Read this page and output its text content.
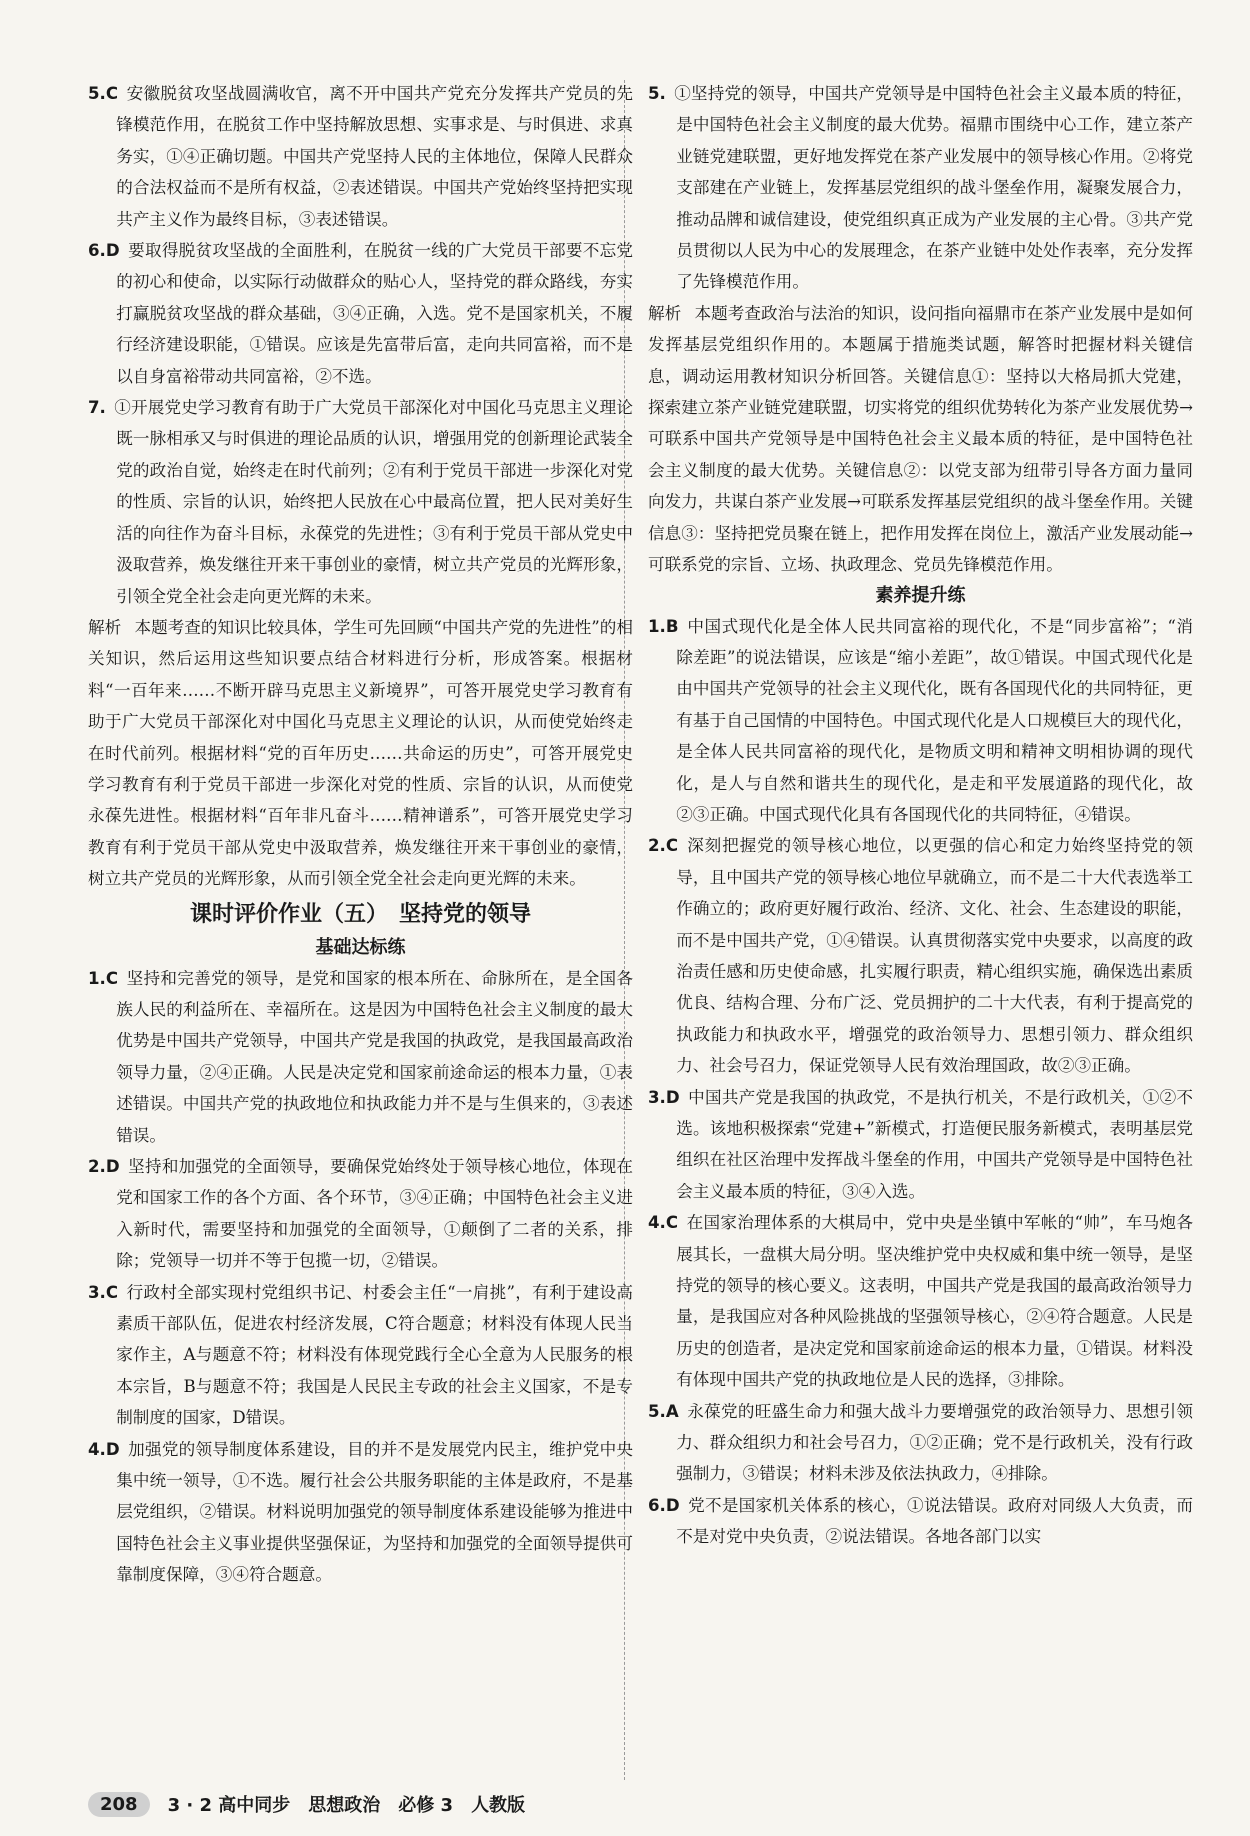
5.C  安徽脱贫攻坚战圆满收官，离不开中国共产党充分发挥共产党员的先锋模范作用，在脱贫工作中坚持解放思想、实事求是、与时俱进、求真务实，①④正确切题。中国共产党坚持人民的主体地位，保障人民群众的合法权益而不是所有权益，②表述错误。中国共产党始终坚持把实现共产主义作为最终目标，③表述错误。

6.D  要取得脱贫攻坚战的全面胜利，在脱贫一线的广大党员干部要不忘党的初心和使命，以实际行动做群众的贴心人，坚持党的群众路线，夯实打赢脱贫攻坚战的群众基础，③④正确，入选。党不是国家机关，不履行经济建设职能，①错误。应该是先富带后富，走向共同富裕，而不是以自身富裕带动共同富裕，②不选。

7.  ①开展党史学习教育有助于广大党员干部深化对中国化马克思主义理论既一脉相承又与时俱进的理论品质的认识，增强用党的创新理论武装全党的政治自觉，始终走在时代前列；②有利于党员干部进一步深化对党的性质、宗旨的认识，始终把人民放在心中最高位置，把人民对美好生活的向往作为奋斗目标，永葆党的先进性；③有利于党员干部从党史中汲取营养，焕发继往开来干事创业的豪情，树立共产党员的光辉形象，引领全党全社会走向更光辉的未来。

解析 本题考查的知识比较具体，学生可先回顾“中国共产党的先进性”的相关知识，然后运用这些知识要点结合材料进行分析，形成答案。根据材料“一百年来……不断开辟马克思主义新境界”，可答开展党史学习教育有助于广大党员干部深化对中国化马克思主义理论的认识，从而使党始终走在时代前列。根据材料“党的百年历史……共命运的历史”，可答开展党史学习教育有利于党员干部进一步深化对党的性质、宗旨的认识，从而使党永葆先进性。根据材料“百年非凡奋斗……精神谱系”，可答开展党史学习教育有利于党员干部从党史中汲取营养，焕发继往开来干事创业的豪情，树立共产党员的光辉形象，从而引领全党全社会走向更光辉的未来。

课时评价作业（五）　坚持党的领导
基础达标练

1.C  坚持和完善党的领导，是党和国家的根本所在、命脉所在，是全国各族人民的利益所在、幸福所在。这是因为中国特色社会主义制度的最大优势是中国共产党领导，中国共产党是我国的执政党，是我国最高政治领导力量，②④正确。人民是决定党和国家前途命运的根本力量，①表述错误。中国共产党的执政地位和执政能力并不是与生俱来的，③表述错误。

2.D  坚持和加强党的全面领导，要确保党始终处于领导核心地位，体现在党和国家工作的各个方面、各个环节，③④正确；中国特色社会主义进入新时代，需要坚持和加强党的全面领导，①颠倒了二者的关系，排除；党领导一切并不等于包揽一切，②错误。

3.C  行政村全部实现村党组织书记、村委会主任“一肩挑”，有利于建设高素质干部队伍，促进农村经济发展，C符合题意；材料没有体现人民当家作主，A与题意不符；材料没有体现党践行全心全意为人民服务的根本宗旨，B与题意不符；我国是人民民主专政的社会主义国家，不是专制制度的国家，D错误。

4.D  加强党的领导制度体系建设，目的并不是发展党内民主，维护党中央集中统一领导，①不选。履行社会公共服务职能的主体是政府，不是基层党组织，②错误。材料说明加强党的领导制度体系建设能够为推进中国特色社会主义事业提供坚强保证，为坚持和加强党的全面领导提供可靠制度保障，③④符合题意。

5.  ①坚持党的领导，中国共产党领导是中国特色社会主义最本质的特征，是中国特色社会主义制度的最大优势。福鼎市围绕中心工作，建立茶产业链党建联盟，更好地发挥党在茶产业发展中的领导核心作用。②将党支部建在产业链上，发挥基层党组织的战斗堡垒作用，凝聚发展合力，推动品牌和诚信建设，使党组织真正成为产业发展的主心骨。③共产党员贯彻以人民为中心的发展理念，在茶产业链中处处作表率，充分发挥了先锋模范作用。

解析 本题考查政治与法治的知识，设问指向福鼎市在茶产业发展中是如何发挥基层党组织作用的。本题属于措施类试题，解答时把握材料关键信息，调动运用教材知识分析回答。关键信息①：坚持以大格局抓大党建，探索建立茶产业链党建联盟，切实将党的组织优势转化为茶产业发展优势→可联系中国共产党领导是中国特色社会主义最本质的特征，是中国特色社会主义制度的最大优势。关键信息②：以党支部为纽带引导各方面力量同向发力，共谋白茶产业发展→可联系发挥基层党组织的战斗堡垒作用。关键信息③：坚持把党员聚在链上，把作用发挥在岗位上，激活产业发展动能→可联系党的宗旨、立场、执政理念、党员先锋模范作用。

素养提升练

1.B  中国式现代化是全体人民共同富裕的现代化，不是“同步富裕”；“消除差距”的说法错误，应该是“缩小差距”，故①错误。中国式现代化是由中国共产党领导的社会主义现代化，既有各国现代化的共同特征，更有基于自己国情的中国特色。中国式现代化是人口规模巨大的现代化，是全体人民共同富裕的现代化，是物质文明和精神文明相协调的现代化，是人与自然和谐共生的现代化，是走和平发展道路的现代化，故②③正确。中国式现代化具有各国现代化的共同特征，④错误。

2.C  深刻把握党的领导核心地位，以更强的信心和定力始终坚持党的领导，且中国共产党的领导核心地位早就确立，而不是二十大代表选举工作确立的；政府更好履行政治、经济、文化、社会、生态建设的职能，而不是中国共产党，①④错误。认真贯彻落实党中央要求，以高度的政治责任感和历史使命感，扎实履行职责，精心组织实施，确保选出素质优良、结构合理、分布广泛、党员拥护的二十大代表，有利于提高党的执政能力和执政水平，增强党的政治领导力、思想引领力、群众组织力、社会号召力，保证党领导人民有效治理国政，故②③正确。

3.D  中国共产党是我国的执政党，不是执行机关，不是行政机关，①②不选。该地积极探索“党建+”新模式，打造便民服务新模式，表明基层党组织在社区治理中发挥战斗堡垒的作用，中国共产党领导是中国特色社会主义最本质的特征，③④入选。

4.C  在国家治理体系的大棋局中，党中央是坐镇中军帐的“帅”，车马炮各展其长，一盘棋大局分明。坚决维护党中央权威和集中统一领导，是坚持党的领导的核心要义。这表明，中国共产党是我国的最高政治领导力量，是我国应对各种风险挑战的坚强领导核心，②④符合题意。人民是历史的创造者，是决定党和国家前途命运的根本力量，①错误。材料没有体现中国共产党的执政地位是人民的选择，③排除。

5.A  永葆党的旺盛生命力和强大战斗力要增强党的政治领导力、思想引领力、群众组织力和社会号召力，①②正确；党不是行政机关，没有行政强制力，③错误；材料未涉及依法执政力，④排除。

6.D  党不是国家机关体系的核心，①说法错误。政府对同级人大负责，而不是对党中央负责，②说法错误。各地各部门以实

208	3 · 2 高中同步 思想政治 必修 3 人教版
